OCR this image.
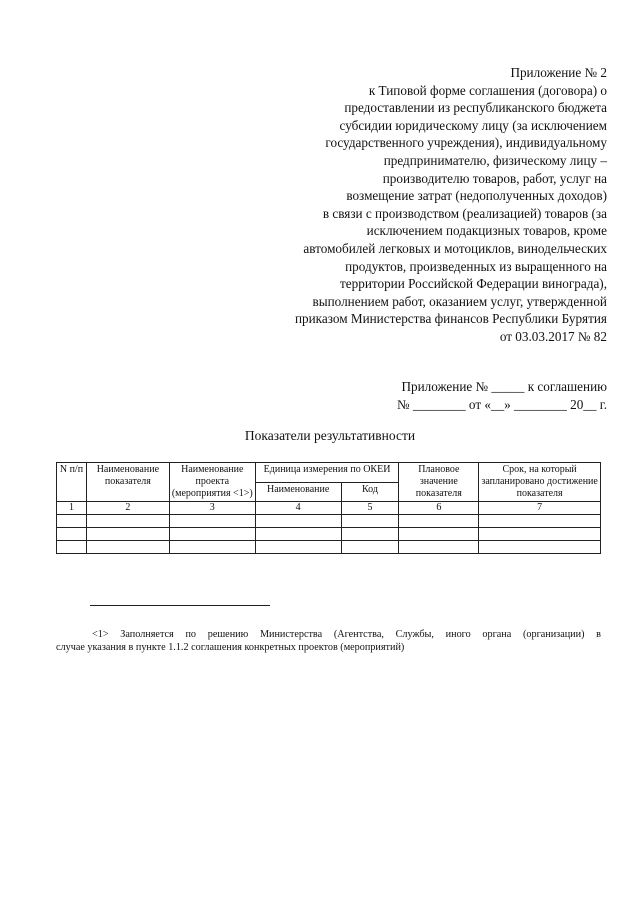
Приложение № 2
к Типовой форме соглашения (договора) о
предоставлении из республиканского бюджета
субсидии юридическому лицу (за исключением
государственного учреждения), индивидуальному
предпринимателю, физическому лицу –
производителю товаров, работ, услуг на
возмещение затрат (недополученных доходов)
в связи с производством (реализацией) товаров (за
исключением подакцизных товаров, кроме
автомобилей легковых и мотоциклов, винодельческих
продуктов, произведенных из выращенного на
территории Российской Федерации винограда),
выполнением работ, оказанием услуг, утвержденной
приказом Министерства финансов Республики Бурятия
от 03.03.2017 № 82
Приложение № _____ к соглашению
№ ________ от «__» ________ 20__ г.
Показатели результативности
N п/п	Наименование показателя	Наименование проекта (мероприятия <1>)	Единица измерения по ОКЕИ		Плановое значение показателя	Срок, на который запланировано достижение показателя
			Наименование	Код		
1	2	3	4	5	6	7

<1> Заполняется по решению Министерства (Агентства, Службы, иного органа (организации) в
случае указания в пункте 1.1.2 соглашения конкретных проектов (мероприятий)
